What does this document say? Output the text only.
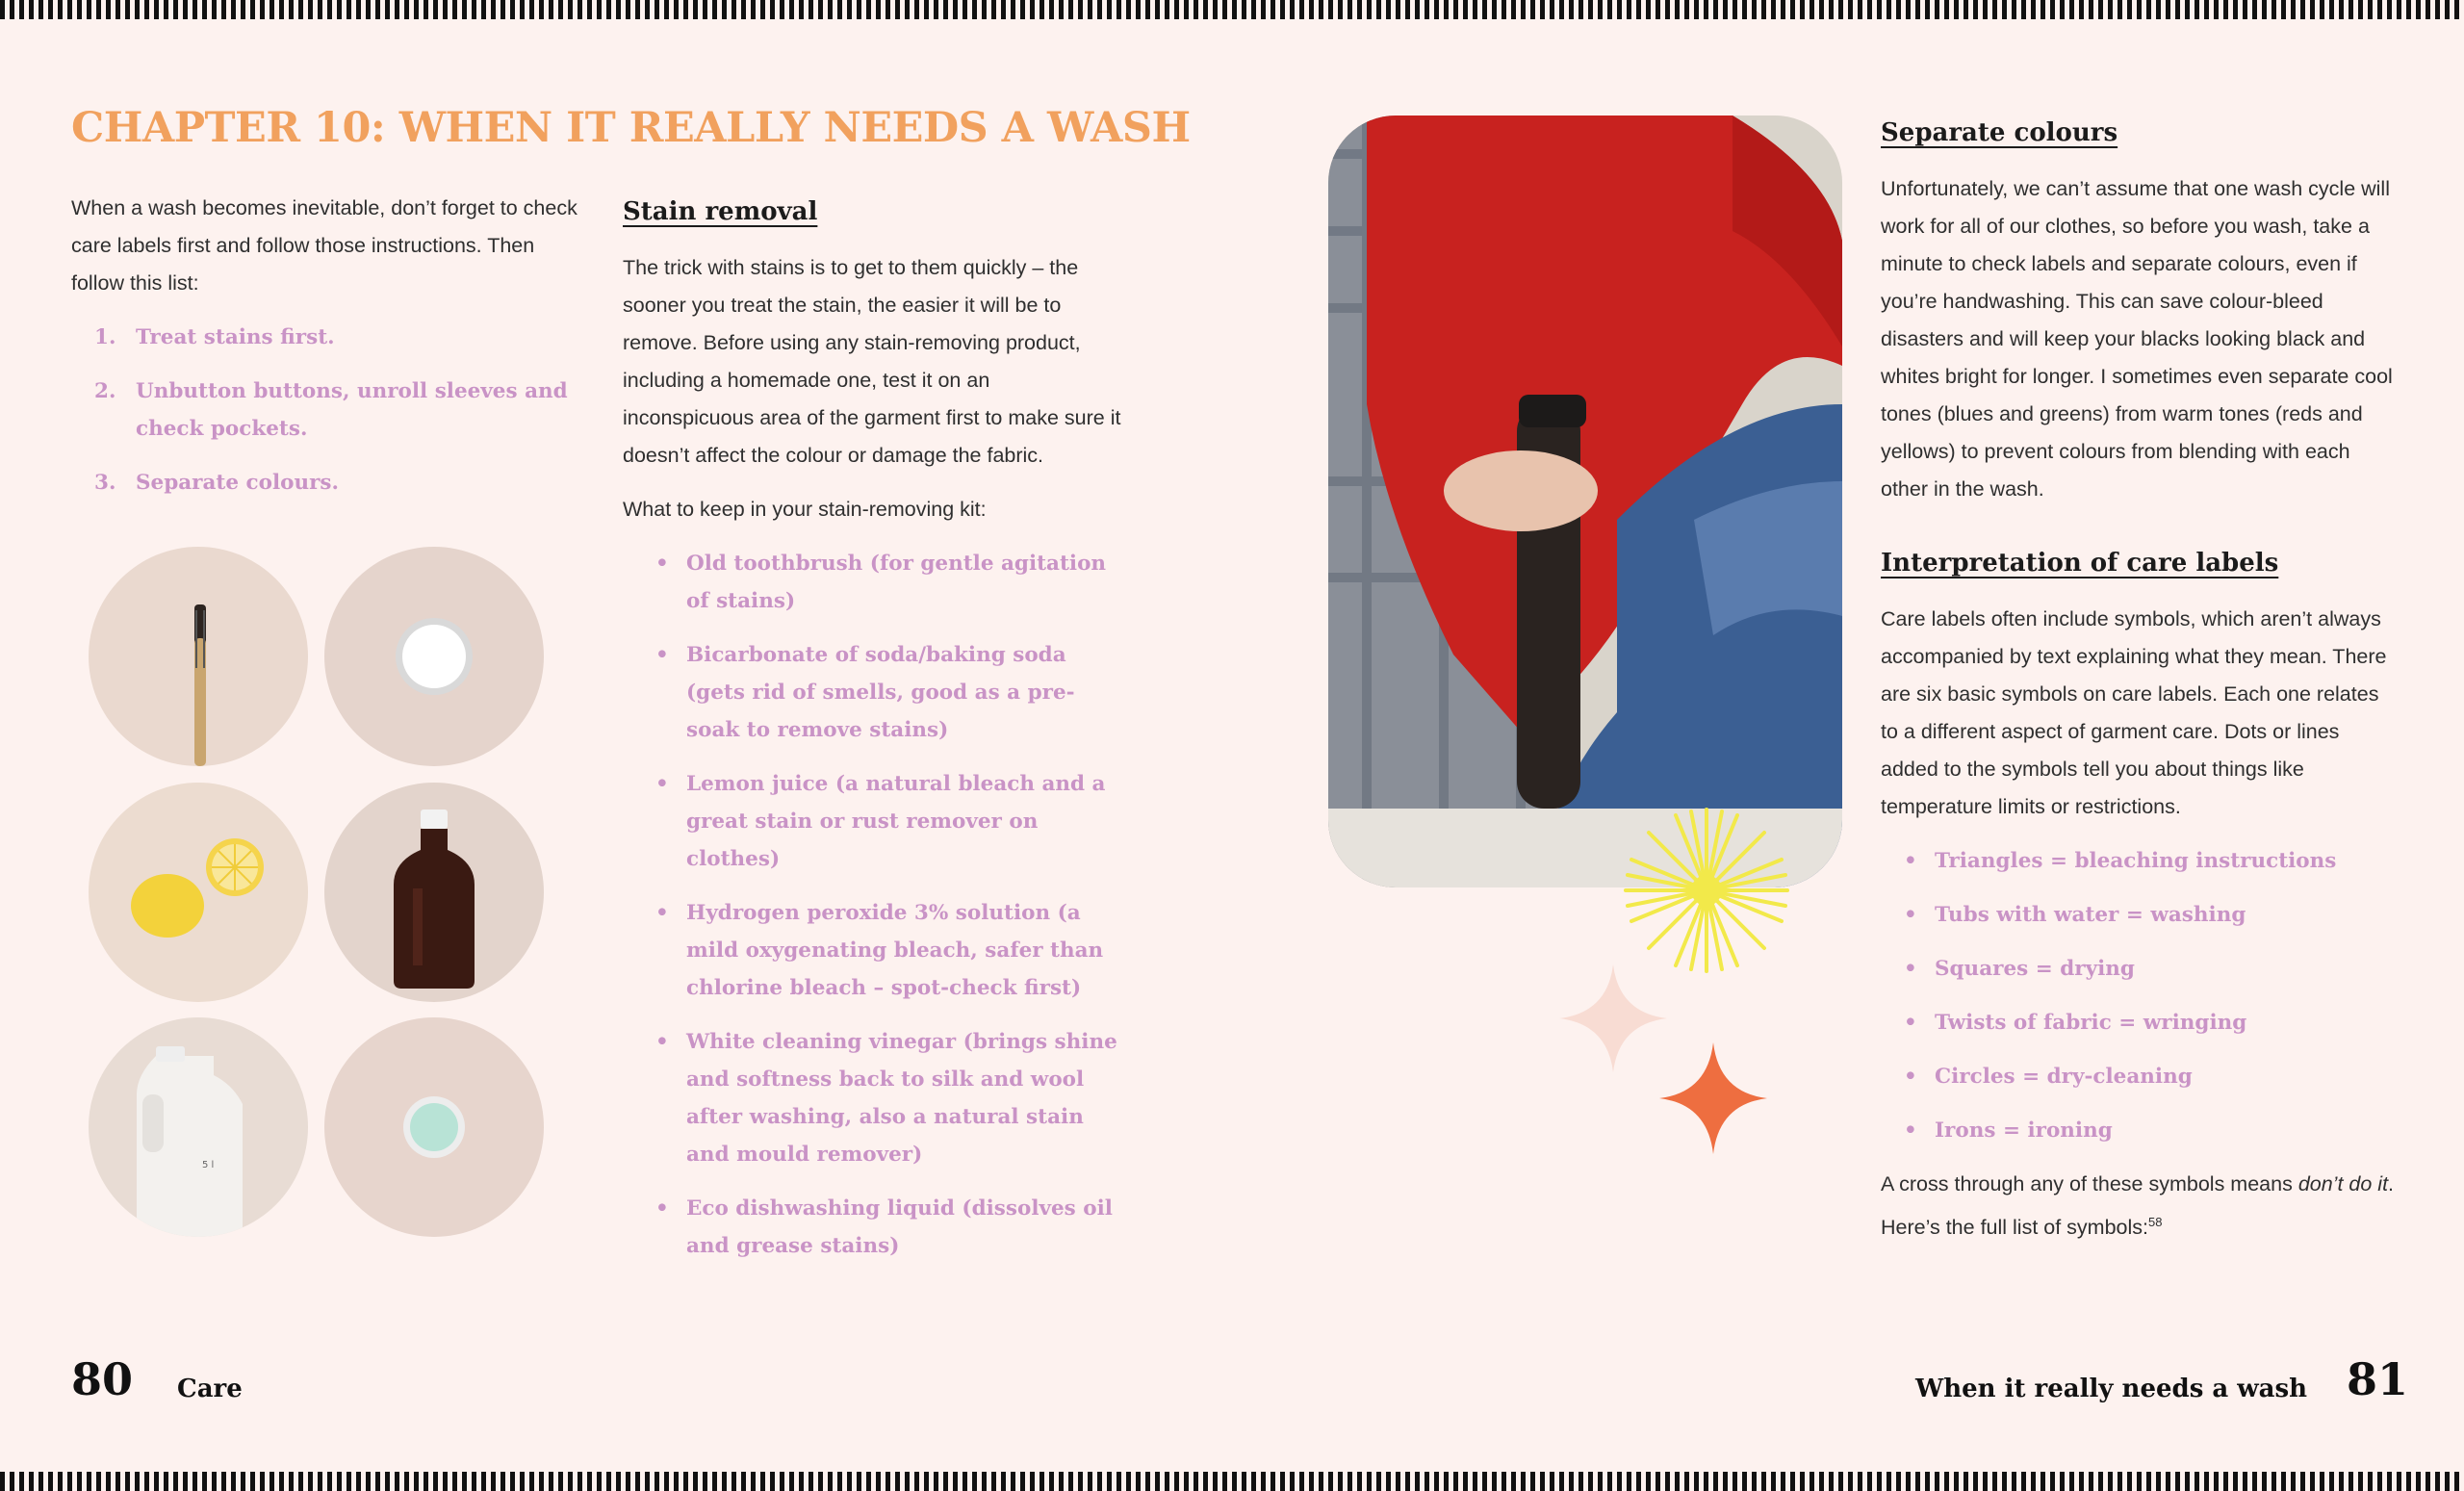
CHAPTER 10: WHEN IT REALLY NEEDS A WASH

When a wash becomes inevitable, don’t forget to check care labels first and follow those instructions. Then follow this list:

1. Treat stains first.
2. Unbutton buttons, unroll sleeves and check pockets.
3. Separate colours.
5 l
Stain removal

The trick with stains is to get to them quickly – the sooner you treat the stain, the easier it will be to remove. Before using any stain-removing product, including a homemade one, test it on an inconspicuous area of the garment first to make sure it doesn’t affect the colour or damage the fabric.

What to keep in your stain-removing kit:

• Old toothbrush (for gentle agitation of stains)
• Bicarbonate of soda/baking soda (gets rid of smells, good as a pre-soak to remove stains)
• Lemon juice (a natural bleach and a great stain or rust remover on clothes)
• Hydrogen peroxide 3% solution (a mild oxygenating bleach, safer than chlorine bleach – spot-check first)
• White cleaning vinegar (brings shine and softness back to silk and wool after washing, also a natural stain and mould remover)
• Eco dishwashing liquid (dissolves oil and grease stains)
80 Care
Separate colours

Unfortunately, we can’t assume that one wash cycle will work for all of our clothes, so before you wash, take a minute to check labels and separate colours, even if you’re handwashing. This can save colour-bleed disasters and will keep your blacks looking black and whites bright for longer. I sometimes even separate cool tones (blues and greens) from warm tones (reds and yellows) to prevent colours from blending with each other in the wash.

Interpretation of care labels

Care labels often include symbols, which aren’t always accompanied by text explaining what they mean. There are six basic symbols on care labels. Each one relates to a different aspect of garment care. Dots or lines added to the symbols tell you about things like temperature limits or restrictions.

• Triangles = bleaching instructions
• Tubs with water = washing
• Squares = drying
• Twists of fabric = wringing
• Circles = dry-cleaning
• Irons = ironing

A cross through any of these symbols means don’t do it. Here’s the full list of symbols:$^{58}$

When it really needs a wash 81
